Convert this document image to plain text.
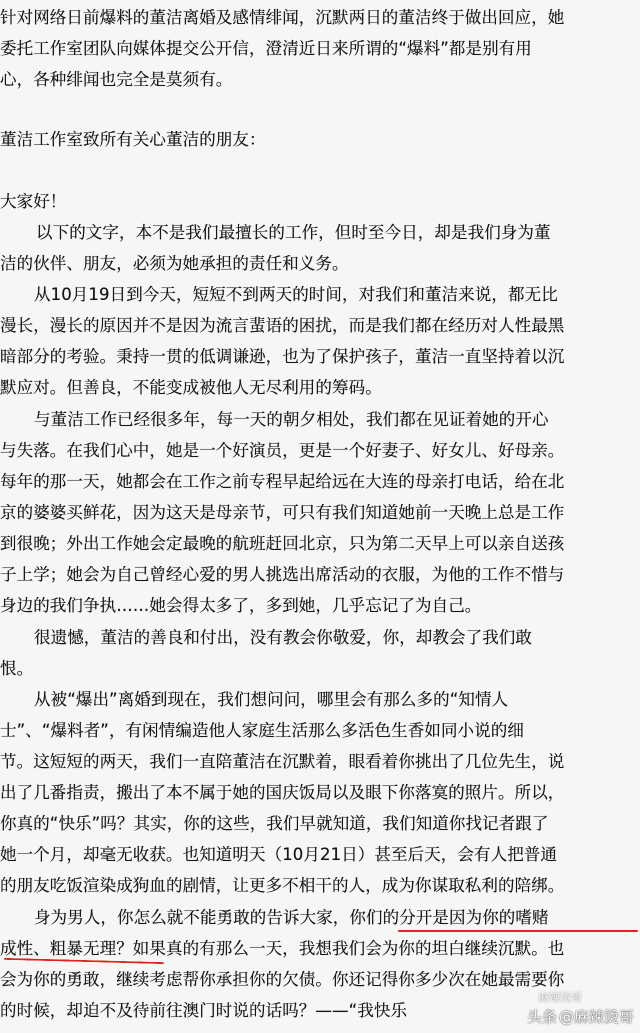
针对网络日前爆料的董洁离婚及感情绯闻，沉默两日的董洁终于做出回应，她
委托工作室团队向媒体提交公开信，澄清近日来所谓的“爆料”都是别有用
心，各种绯闻也完全是莫须有。
董洁工作室致所有关心董洁的朋友：
大家好！
以下的文字，本不是我们最擅长的工作，但时至今日，却是我们身为董
洁的伙伴、朋友，必须为她承担的责任和义务。
从10月19日到今天，短短不到两天的时间，对我们和董洁来说，都无比
漫长，漫长的原因并不是因为流言蜚语的困扰，而是我们都在经历对人性最黑
暗部分的考验。秉持一贯的低调谦逊，也为了保护孩子，董洁一直坚持着以沉
默应对。但善良，不能变成被他人无尽利用的筹码。
与董洁工作已经很多年，每一天的朝夕相处，我们都在见证着她的开心
与失落。在我们心中，她是一个好演员，更是一个好妻子、好女儿、好母亲。
每年的那一天，她都会在工作之前专程早起给远在大连的母亲打电话，给在北
京的婆婆买鲜花，因为这天是母亲节，可只有我们知道她前一天晚上总是工作
到很晚；外出工作她会定最晚的航班赶回北京，只为第二天早上可以亲自送孩
子上学；她会为自己曾经心爱的男人挑选出席活动的衣服，为他的工作不惜与
身边的我们争执……她会得太多了，多到她，几乎忘记了为自己。
很遗憾，董洁的善良和付出，没有教会你敬爱，你，却教会了我们敢
恨。
从被“爆出”离婚到现在，我们想问问，哪里会有那么多的“知情人
士”、“爆料者”，有闲情编造他人家庭生活那么多活色生香如同小说的细
节。这短短的两天，我们一直陪董洁在沉默着，眼看着你挑出了几位先生，说
出了几番指责，搬出了本不属于她的国庆饭局以及眼下你落寞的照片。所以，
你真的“快乐”吗？其实，你的这些，我们早就知道，我们知道你找记者跟了
她一个月，却毫无收获。也知道明天（10月21日）甚至后天，会有人把普通
的朋友吃饭渲染成狗血的剧情，让更多不相干的人，成为你谋取私利的陪绑。
身为男人，你怎么就不能勇敢的告诉大家，你们的分开是因为你的嗜赌
成性、粗暴无理？如果真的有那么一天，我想我们会为你的坦白继续沉默。也
会为你的勇敢，继续考虑帮你承担你的欠债。你还记得你多少次在她最需要你
的时候，却迫不及待前往澳门时说的话吗？——“我快乐
麻辣烫哥
头条 @麻辣烫哥
